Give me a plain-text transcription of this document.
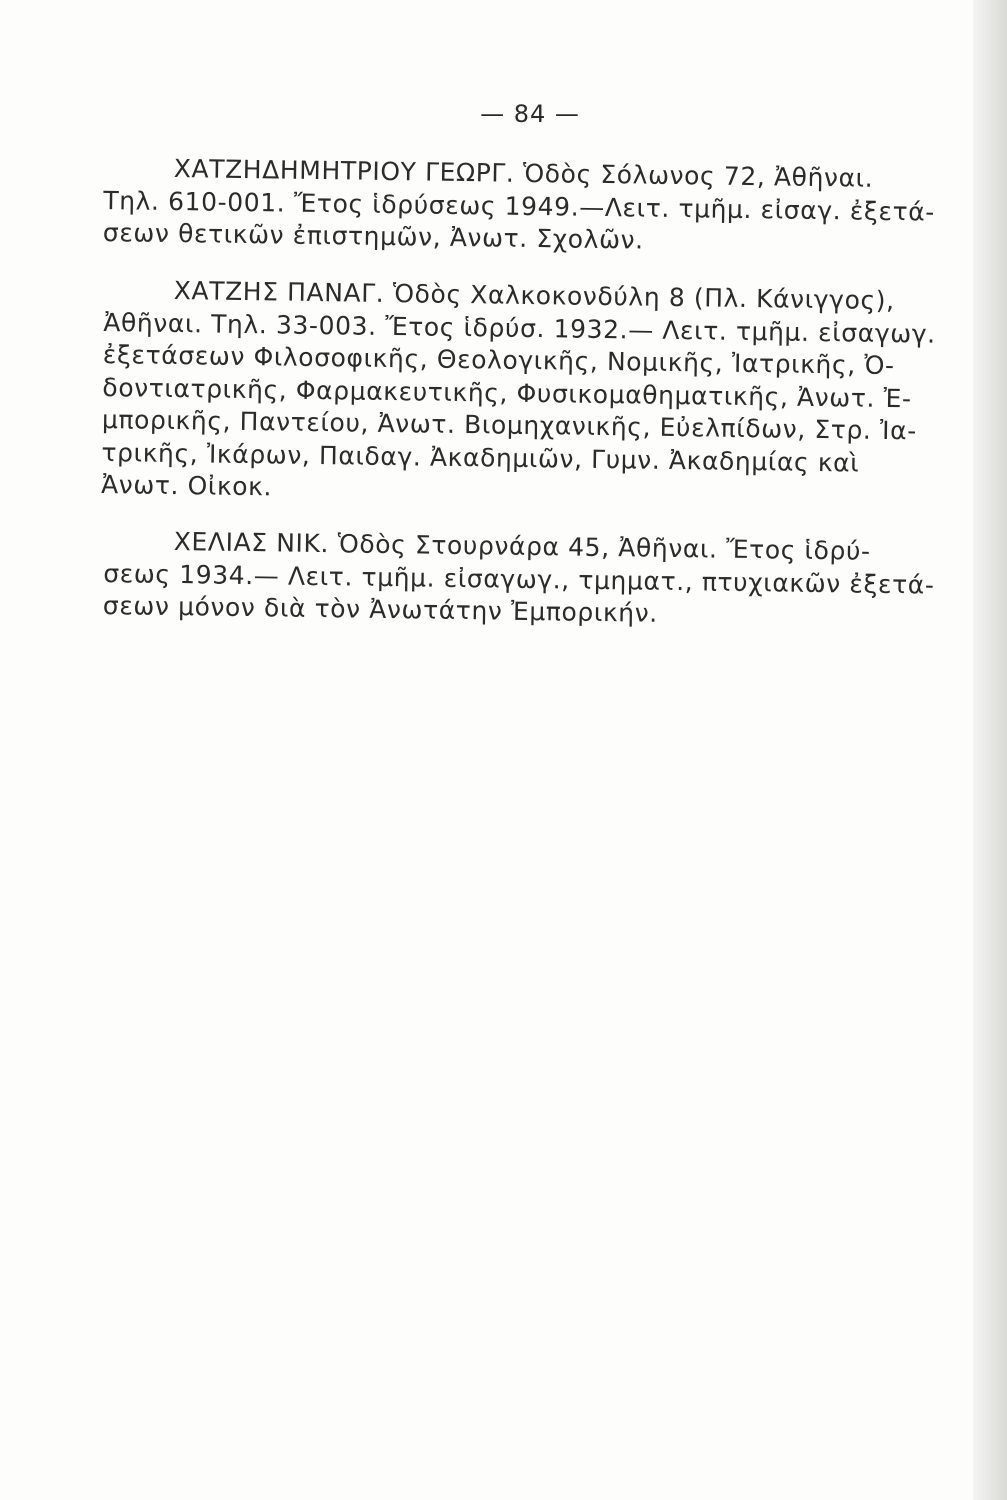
— 84 —
ΧΑΤΖΗΔΗΜΗΤΡΙΟΥ ΓΕΩΡΓ. Ὁδὸς Σόλωνος 72, Ἀθῆναι.
Τηλ. 610-001. Ἔτος ἱδρύσεως 1949.—Λειτ. τμῆμ. εἰσαγ. ἐξετά-
σεων θετικῶν ἐπιστημῶν, Ἀνωτ. Σχολῶν.
ΧΑΤΖΗΣ ΠΑΝΑΓ. Ὁδὸς Χαλκοκονδύλη 8 (Πλ. Κάνιγγος),
Ἀθῆναι. Τηλ. 33-003. Ἔτος ἱδρύσ. 1932.— Λειτ. τμῆμ. εἰσαγωγ.
ἐξετάσεων Φιλοσοφικῆς, Θεολογικῆς, Νομικῆς, Ἰατρικῆς, Ὀ-
δοντιατρικῆς, Φαρμακευτικῆς, Φυσικομαθηματικῆς, Ἀνωτ. Ἐ-
μπορικῆς, Παντείου, Ἀνωτ. Βιομηχανικῆς, Εὐελπίδων, Στρ. Ἰα-
τρικῆς, Ἰκάρων, Παιδαγ. Ἀκαδημιῶν, Γυμν. Ἀκαδημίας καὶ
Ἀνωτ. Οἰκοκ.
ΧΕΛΙΑΣ ΝΙΚ. Ὁδὸς Στουρνάρα 45, Ἀθῆναι. Ἔτος ἱδρύ-
σεως 1934.— Λειτ. τμῆμ. εἰσαγωγ., τμηματ., πτυχιακῶν ἐξετά-
σεων μόνον διὰ τὸν Ἀνωτάτην Ἐμπορικήν.
